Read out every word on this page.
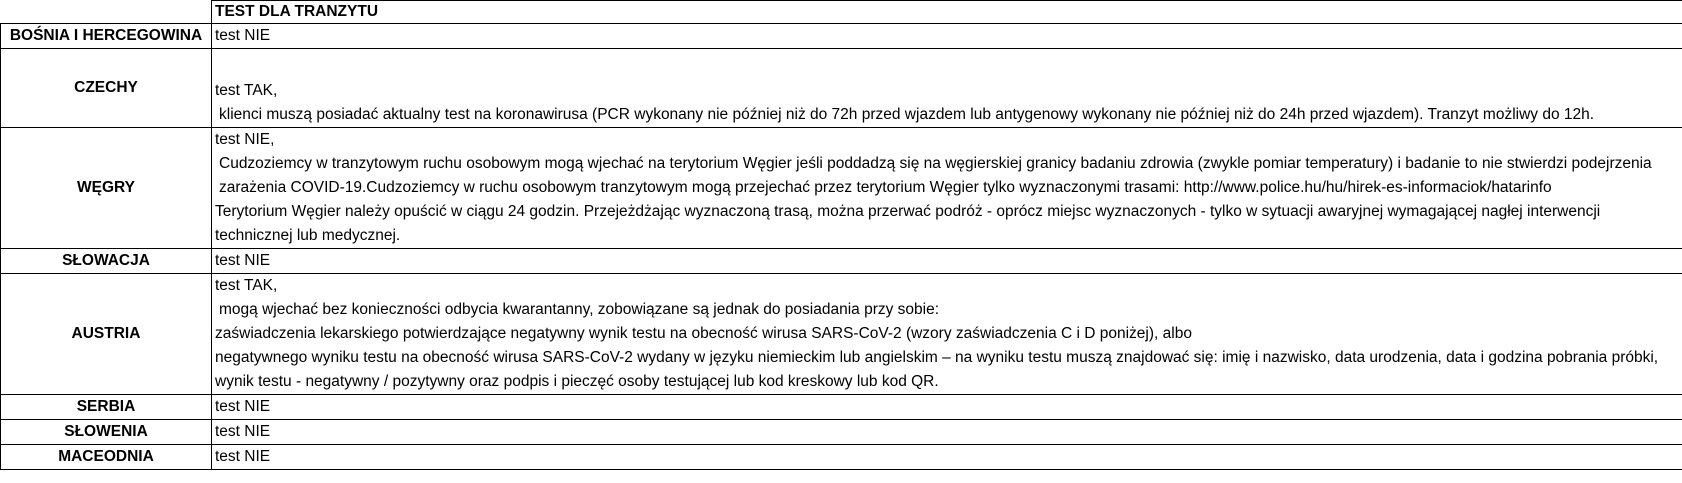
	TEST DLA TRANZYTU
BOŚNIA I HERCEGOWINA	test NIE

CZECHY	test TAK,
klienci muszą posiadać aktualny test na koronawirusa (PCR wykonany nie później niż do 72h przed wjazdem lub antygenowy wykonany nie później niż do 24h przed wjazdem). Tranzyt możliwy do 12h.

WĘGRY	test NIE,
Cudzoziemcy w tranzytowym ruchu osobowym mogą wjechać na terytorium Węgier jeśli poddadzą się na węgierskiej granicy badaniu zdrowia (zwykle pomiar temperatury) i badanie to nie stwierdzi podejrzenia zarażenia COVID-19.Cudzoziemcy w ruchu osobowym tranzytowym mogą przejechać przez terytorium Węgier tylko wyznaczonymi trasami: http://www.police.hu/hu/hirek-es-informaciok/hatarinfo
Terytorium Węgier należy opuścić w ciągu 24 godzin. Przejeżdżając wyznaczoną trasą, można przerwać podróż - oprócz miejsc wyznaczonych - tylko w sytuacji awaryjnej wymagającej nagłej interwencji technicznej lub medycznej.

SŁOWACJA	test NIE

AUSTRIA	test TAK,
mogą wjechać bez konieczności odbycia kwarantanny, zobowiązane są jednak do posiadania przy sobie:
zaświadczenia lekarskiego potwierdzające negatywny wynik testu na obecność wirusa SARS-CoV-2 (wzory zaświadczenia C i D poniżej), albo
negatywnego wyniku testu na obecność wirusa SARS-CoV-2 wydany w języku niemieckim lub angielskim – na wyniku testu muszą znajdować się: imię i nazwisko, data urodzenia, data i godzina pobrania próbki, wynik testu - negatywny / pozytywny oraz podpis i pieczęć osoby testującej lub kod kreskowy lub kod QR.

SERBIA	test NIE

SŁOWENIA	test NIE

MACEODNIA	test NIE
